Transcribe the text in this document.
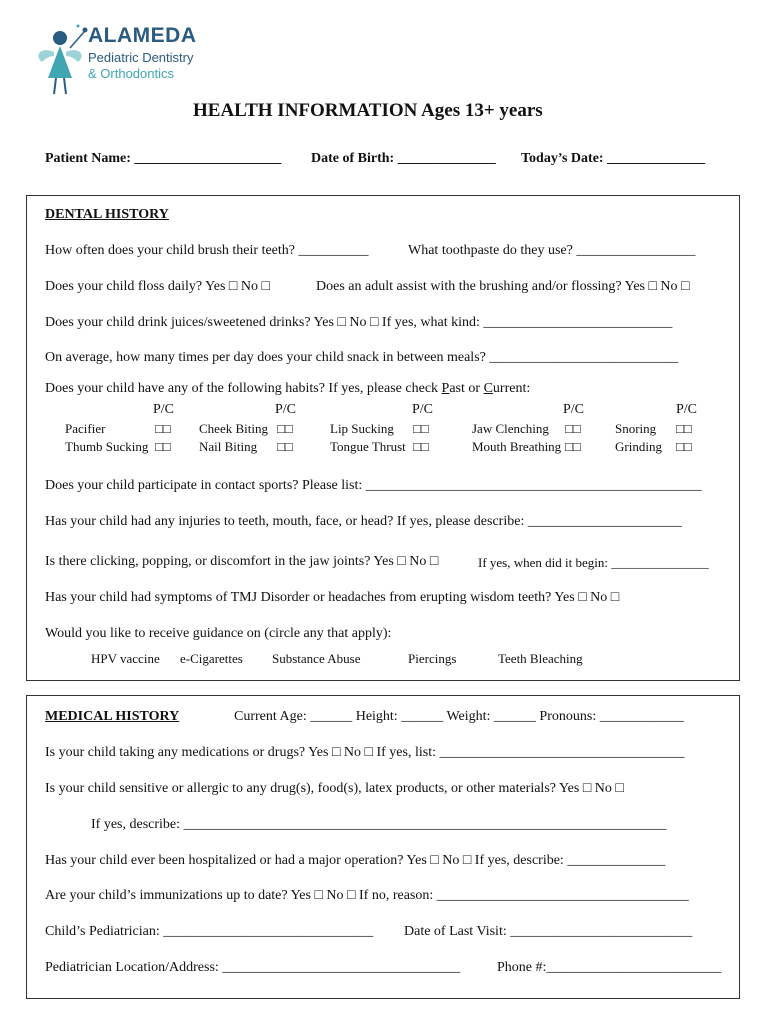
ALAMEDA
Pediatric Dentistry
& Orthodontics
HEALTH INFORMATION Ages 13+ years
Patient Name: _____________________ Date of Birth: ______________ Today’s Date: ______________
DENTAL HISTORY
How often does your child brush their teeth? __________	What toothpaste do they use? _________________
Does your child floss daily? Yes □ No □	Does an adult assist with the brushing and/or flossing? Yes □ No □
Does your child drink juices/sweetened drinks? Yes □ No □ If yes, what kind: ___________________________
On average, how many times per day does your child snack in between meals? ___________________________
Does your child have any of the following habits? If yes, please check Past or Current:
P/C	P/C	P/C	P/C	P/C
Pacifier	□□ Cheek Biting □□	Lip Sucking □□	Jaw Clenching □□	Snoring □□
Thumb Sucking □□ Nail Biting □□	Tongue Thrust □□	Mouth Breathing □□	Grinding □□
Does your child participate in contact sports? Please list: ________________________________________________
Has your child had any injuries to teeth, mouth, face, or head? If yes, please describe: ______________________
Is there clicking, popping, or discomfort in the jaw joints? Yes □ No □	If yes, when did it begin: _______________
Has your child had symptoms of TMJ Disorder or headaches from erupting wisdom teeth? Yes □ No □
Would you like to receive guidance on (circle any that apply):
HPV vaccine e-Cigarettes Substance Abuse	Piercings	Teeth Bleaching
MEDICAL HISTORY	Current Age: ______ Height: ______ Weight: ______ Pronouns: ____________
Is your child taking any medications or drugs? Yes □ No □ If yes, list: ___________________________________
Is your child sensitive or allergic to any drug(s), food(s), latex products, or other materials? Yes □ No □
If yes, describe: _____________________________________________________________________
Has your child ever been hospitalized or had a major operation? Yes □ No □ If yes, describe: ______________
Are your child’s immunizations up to date? Yes □ No □ If no, reason: ____________________________________
Child’s Pediatrician: ______________________________ Date of Last Visit: __________________________
Pediatrician Location/Address: __________________________________	Phone #:_________________________
